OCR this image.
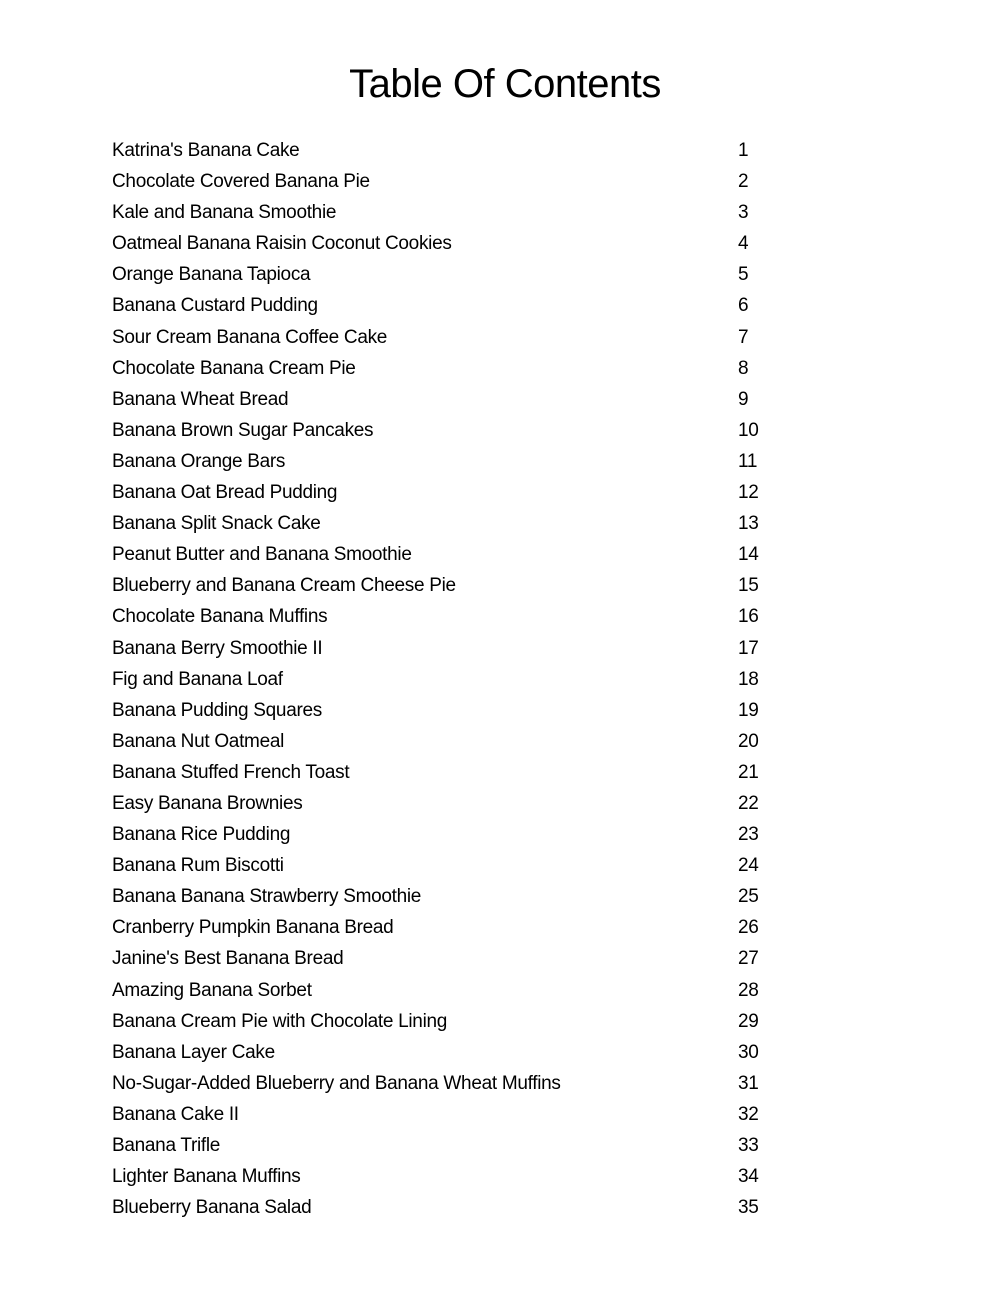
Table Of Contents
Katrina's Banana Cake	1
Chocolate Covered Banana Pie	2
Kale and Banana Smoothie	3
Oatmeal Banana Raisin Coconut Cookies	4
Orange Banana Tapioca	5
Banana Custard Pudding	6
Sour Cream Banana Coffee Cake	7
Chocolate Banana Cream Pie	8
Banana Wheat Bread	9
Banana Brown Sugar Pancakes	10
Banana Orange Bars	11
Banana Oat Bread Pudding	12
Banana Split Snack Cake	13
Peanut Butter and Banana Smoothie	14
Blueberry and Banana Cream Cheese Pie	15
Chocolate Banana Muffins	16
Banana Berry Smoothie II	17
Fig and Banana Loaf	18
Banana Pudding Squares	19
Banana Nut Oatmeal	20
Banana Stuffed French Toast	21
Easy Banana Brownies	22
Banana Rice Pudding	23
Banana Rum Biscotti	24
Banana Banana Strawberry Smoothie	25
Cranberry Pumpkin Banana Bread	26
Janine's Best Banana Bread	27
Amazing Banana Sorbet	28
Banana Cream Pie with Chocolate Lining	29
Banana Layer Cake	30
No-Sugar-Added Blueberry and Banana Wheat Muffins	31
Banana Cake II	32
Banana Trifle	33
Lighter Banana Muffins	34
Blueberry Banana Salad	35
